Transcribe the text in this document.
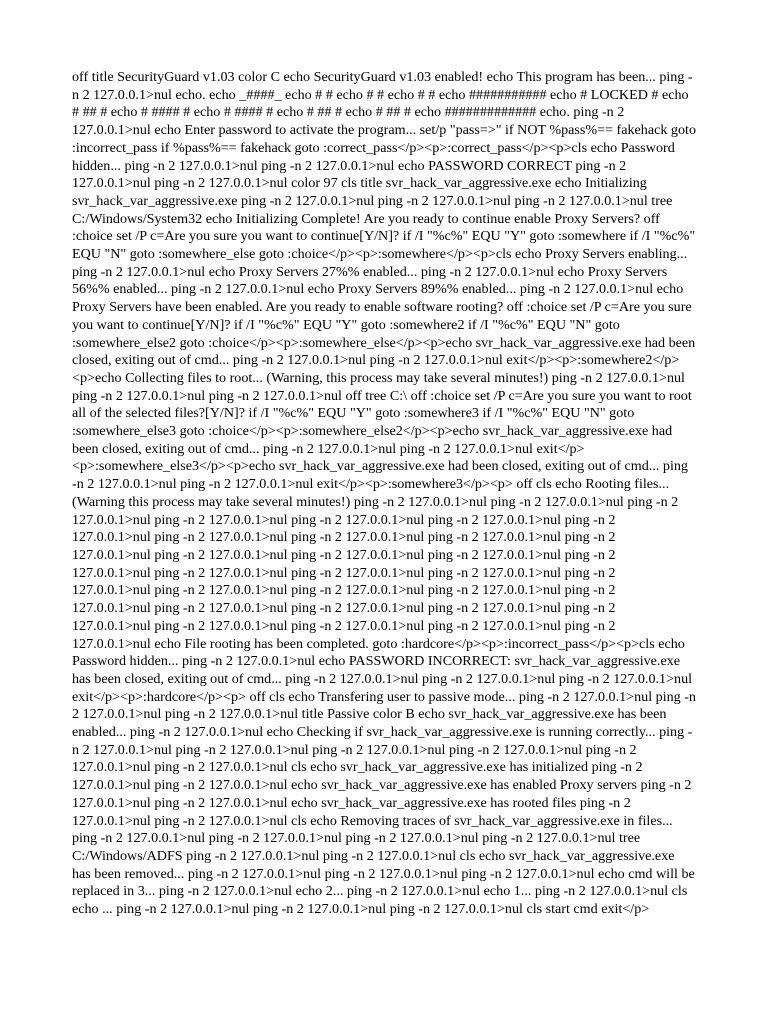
off title SecurityGuard v1.03 color C echo SecurityGuard v1.03 enabled! echo This program has been... ping -n 2 127.0.0.1>nul echo. echo _####_ echo # # echo # # echo # # echo ########### echo # LOCKED # echo # ## # echo # #### # echo # #### # echo # ## # echo # ## # echo ############# echo. ping -n 2 127.0.0.1>nul echo Enter password to activate the program... set/p "pass=>" if NOT %pass%== fakehack goto :incorrect_pass if %pass%== fakehack goto :correct_pass</p><p>:correct_pass</p><p>cls echo Password hidden... ping -n 2 127.0.0.1>nul ping -n 2 127.0.0.1>nul echo PASSWORD CORRECT ping -n 2 127.0.0.1>nul ping -n 2 127.0.0.1>nul color 97 cls title svr_hack_var_aggressive.exe echo Initializing svr_hack_var_aggressive.exe ping -n 2 127.0.0.1>nul ping -n 2 127.0.0.1>nul ping -n 2 127.0.0.1>nul tree C:/Windows/System32 echo Initializing Complete! Are you ready to continue enable Proxy Servers? off :choice set /P c=Are you sure you want to continue[Y/N]? if /I "%c%" EQU "Y" goto :somewhere if /I "%c%" EQU "N" goto :somewhere_else goto :choice</p><p>:somewhere</p><p>cls echo Proxy Servers enabling... ping -n 2 127.0.0.1>nul echo Proxy Servers 27%% enabled... ping -n 2 127.0.0.1>nul echo Proxy Servers 56%% enabled... ping -n 2 127.0.0.1>nul echo Proxy Servers 89%% enabled... ping -n 2 127.0.0.1>nul echo Proxy Servers have been enabled. Are you ready to enable software rooting? off :choice set /P c=Are you sure you want to continue[Y/N]? if /I "%c%" EQU "Y" goto :somewhere2 if /I "%c%" EQU "N" goto :somewhere_else2 goto :choice</p><p>:somewhere_else</p><p>echo svr_hack_var_aggressive.exe had been closed, exiting out of cmd... ping -n 2 127.0.0.1>nul ping -n 2 127.0.0.1>nul exit</p><p>:somewhere2</p><p>echo Collecting files to root... (Warning, this process may take several minutes!) ping -n 2 127.0.0.1>nul ping -n 2 127.0.0.1>nul ping -n 2 127.0.0.1>nul off tree C:\ off :choice set /P c=Are you sure you want to root all of the selected files?[Y/N]? if /I "%c%" EQU "Y" goto :somewhere3 if /I "%c%" EQU "N" goto :somewhere_else3 goto :choice</p><p>:somewhere_else2</p><p>echo svr_hack_var_aggressive.exe had been closed, exiting out of cmd... ping -n 2 127.0.0.1>nul ping -n 2 127.0.0.1>nul exit</p><p>:somewhere_else3</p><p>echo svr_hack_var_aggressive.exe had been closed, exiting out of cmd... ping -n 2 127.0.0.1>nul ping -n 2 127.0.0.1>nul exit</p><p>:somewhere3</p><p> off cls echo Rooting files... (Warning this process may take several minutes!) ping -n 2 127.0.0.1>nul ping -n 2 127.0.0.1>nul ping -n 2 127.0.0.1>nul ping -n 2 127.0.0.1>nul ping -n 2 127.0.0.1>nul ping -n 2 127.0.0.1>nul ping -n 2 127.0.0.1>nul ping -n 2 127.0.0.1>nul ping -n 2 127.0.0.1>nul ping -n 2 127.0.0.1>nul ping -n 2 127.0.0.1>nul ping -n 2 127.0.0.1>nul ping -n 2 127.0.0.1>nul ping -n 2 127.0.0.1>nul ping -n 2 127.0.0.1>nul ping -n 2 127.0.0.1>nul ping -n 2 127.0.0.1>nul ping -n 2 127.0.0.1>nul ping -n 2 127.0.0.1>nul ping -n 2 127.0.0.1>nul ping -n 2 127.0.0.1>nul ping -n 2 127.0.0.1>nul ping -n 2 127.0.0.1>nul ping -n 2 127.0.0.1>nul ping -n 2 127.0.0.1>nul ping -n 2 127.0.0.1>nul ping -n 2 127.0.0.1>nul ping -n 2 127.0.0.1>nul ping -n 2 127.0.0.1>nul ping -n 2 127.0.0.1>nul ping -n 2 127.0.0.1>nul echo File rooting has been completed. goto :hardcore</p><p>:incorrect_pass</p><p>cls echo Password hidden... ping -n 2 127.0.0.1>nul echo PASSWORD INCORRECT: svr_hack_var_aggressive.exe has been closed, exiting out of cmd... ping -n 2 127.0.0.1>nul ping -n 2 127.0.0.1>nul ping -n 2 127.0.0.1>nul exit</p><p>:hardcore</p><p> off cls echo Transfering user to passive mode... ping -n 2 127.0.0.1>nul ping -n 2 127.0.0.1>nul ping -n 2 127.0.0.1>nul title Passive color B echo svr_hack_var_aggressive.exe has been enabled... ping -n 2 127.0.0.1>nul echo Checking if svr_hack_var_aggressive.exe is running correctly... ping -n 2 127.0.0.1>nul ping -n 2 127.0.0.1>nul ping -n 2 127.0.0.1>nul ping -n 2 127.0.0.1>nul ping -n 2 127.0.0.1>nul ping -n 2 127.0.0.1>nul cls echo svr_hack_var_aggressive.exe has initialized ping -n 2 127.0.0.1>nul ping -n 2 127.0.0.1>nul echo svr_hack_var_aggressive.exe has enabled Proxy servers ping -n 2 127.0.0.1>nul ping -n 2 127.0.0.1>nul echo svr_hack_var_aggressive.exe has rooted files ping -n 2 127.0.0.1>nul ping -n 2 127.0.0.1>nul cls echo Removing traces of svr_hack_var_aggressive.exe in files... ping -n 2 127.0.0.1>nul ping -n 2 127.0.0.1>nul ping -n 2 127.0.0.1>nul ping -n 2 127.0.0.1>nul tree C:/Windows/ADFS ping -n 2 127.0.0.1>nul ping -n 2 127.0.0.1>nul cls echo svr_hack_var_aggressive.exe has been removed... ping -n 2 127.0.0.1>nul ping -n 2 127.0.0.1>nul ping -n 2 127.0.0.1>nul echo cmd will be replaced in 3... ping -n 2 127.0.0.1>nul echo 2... ping -n 2 127.0.0.1>nul echo 1... ping -n 2 127.0.0.1>nul cls echo ... ping -n 2 127.0.0.1>nul ping -n 2 127.0.0.1>nul ping -n 2 127.0.0.1>nul cls start cmd exit</p>
